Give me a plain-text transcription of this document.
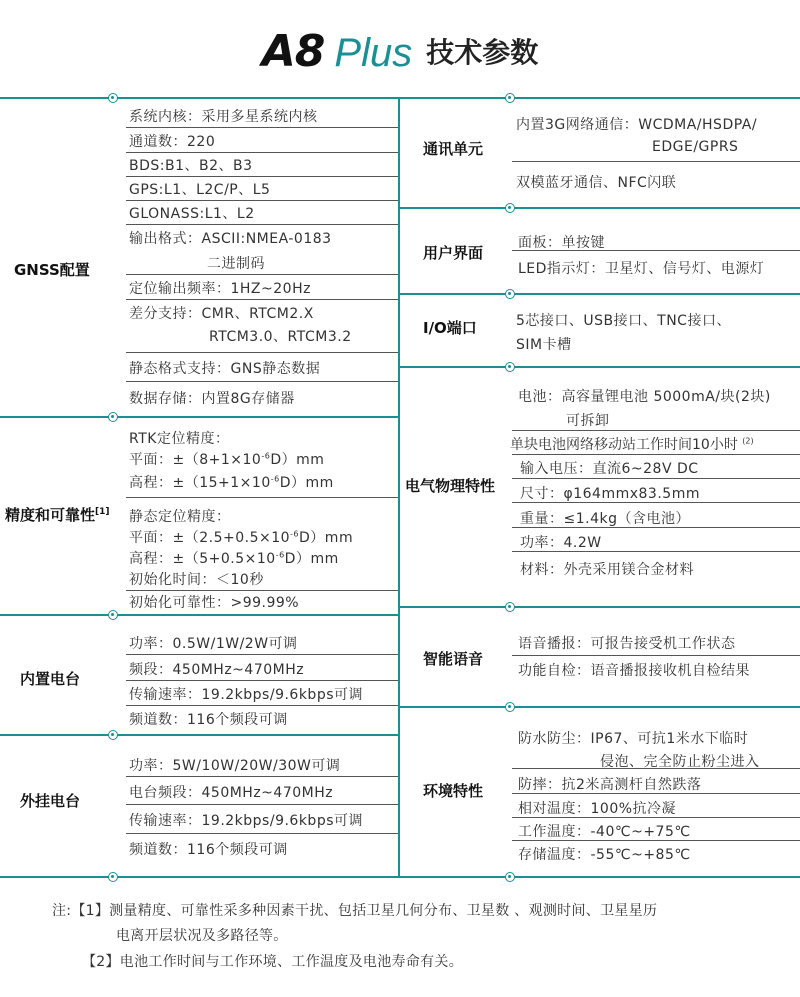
A8 Plus 技术参数
GNSS配置
系统内核：采用多星系统内核
通道数：220
BDS:B1、B2、B3
GPS:L1、L2C/P、L5
GLONASS:L1、L2
输出格式：ASCII:NMEA-0183
二进制码
定位输出频率：1HZ~20Hz
差分支持：CMR、RTCM2.X
RTCM3.0、RTCM3.2
静态格式支持：GNS静态数据
数据存储：内置8G存储器
精度和可靠性[1]
RTK定位精度：
平面：$\pm(8+1\times 10^{-6}D)mm$
高程：$\pm(15+1\times 10^{-6}D)mm$
静态定位精度：
平面：$\pm(2.5+0.5\times 10^{-6}D)mm$
高程：$\pm(5+0.5\times 10^{-6}D)mm$
初始化时间：＜10秒
初始化可靠性：>99.99%
内置电台
功率：0.5W/1W/2W可调
频段：450MHz~470MHz
传输速率：19.2kbps/9.6kbps可调
频道数：116个频段可调
外挂电台
功率：5W/10W/20W/30W可调
电台频段：450MHz~470MHz
传输速率：19.2kbps/9.6kbps可调
频道数：116个频段可调
通讯单元
内置3G网络通信：WCDMA/HSDPA/
EDGE/GPRS
双模蓝牙通信、NFC闪联
用户界面
面板：单按键
LED指示灯：卫星灯、信号灯、电源灯
I/O端口	5芯接口、USB接口、TNC接口、
SIM卡槽
电气物理特性
电池：高容量锂电池 5000mA/块(2块)
可拆卸
单块电池网络移动站工作时间10小时 $^{(2)}$
输入电压：直流6~28V DC
尺寸：φ164mmx83.5mm
重量：≤1.4kg（含电池）
功率：4.2W
材料：外壳采用镁合金材料
智能语音
语音播报：可报告接受机工作状态
功能自检：语音播报接收机自检结果
环境特性
防水防尘：IP67、可抗1米水下临时
侵泡、完全防止粉尘进入
防摔：抗2米高测杆自然跌落
相对温度：100%抗冷凝
工作温度：-40℃~+75℃
存储温度：-55℃~+85℃
注:【1】测量精度、可靠性采多种因素干扰、包括卫星几何分布、卫星数 、观测时间、卫星星历
电离开层状况及多路径等。
【2】电池工作时间与工作环境、工作温度及电池寿命有关。
